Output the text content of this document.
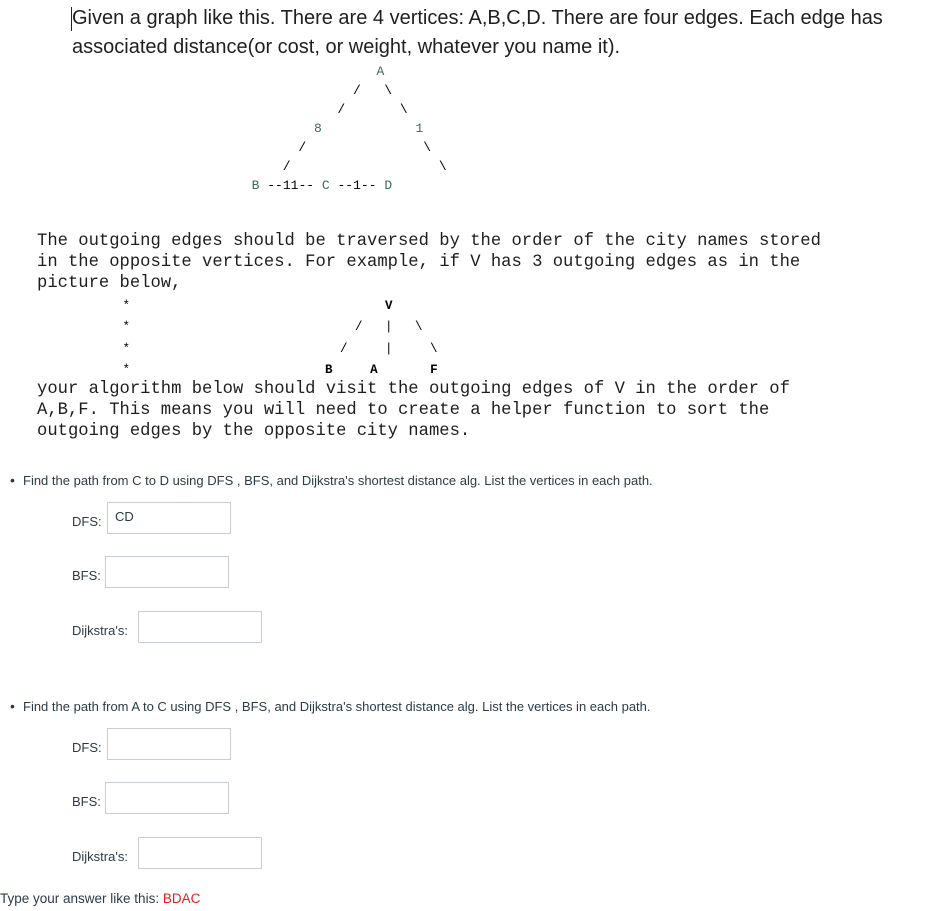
Given a graph like this. There are 4 vertices: A,B,C,D. There are four edges. Each edge has
associated distance(or cost, or weight, whatever you name it).

A
/   \
/       \
8	1
/               \
/                   \
B --11-- C --1-- D
The outgoing edges should be traversed by the order of the city names stored
in the opposite vertices. For example, if V has 3 outgoing edges as in the
picture below,
*                                  V
*                              /   |   \
*                            /     |     \
*	B	A	F
your algorithm below should visit the outgoing edges of V in the order of
A,B,F. This means you will need to create a helper function to sort the
outgoing edges by the opposite city names.

• Find the path from C to D using DFS , BFS, and Dijkstra's shortest distance alg. List the vertices in each path.

DFS:	CD
BFS:
Dijkstra's:

• Find the path from A to C using DFS , BFS, and Dijkstra's shortest distance alg. List the vertices in each path.

DFS:
BFS:
Dijkstra's:

Type your answer like this: BDAC
